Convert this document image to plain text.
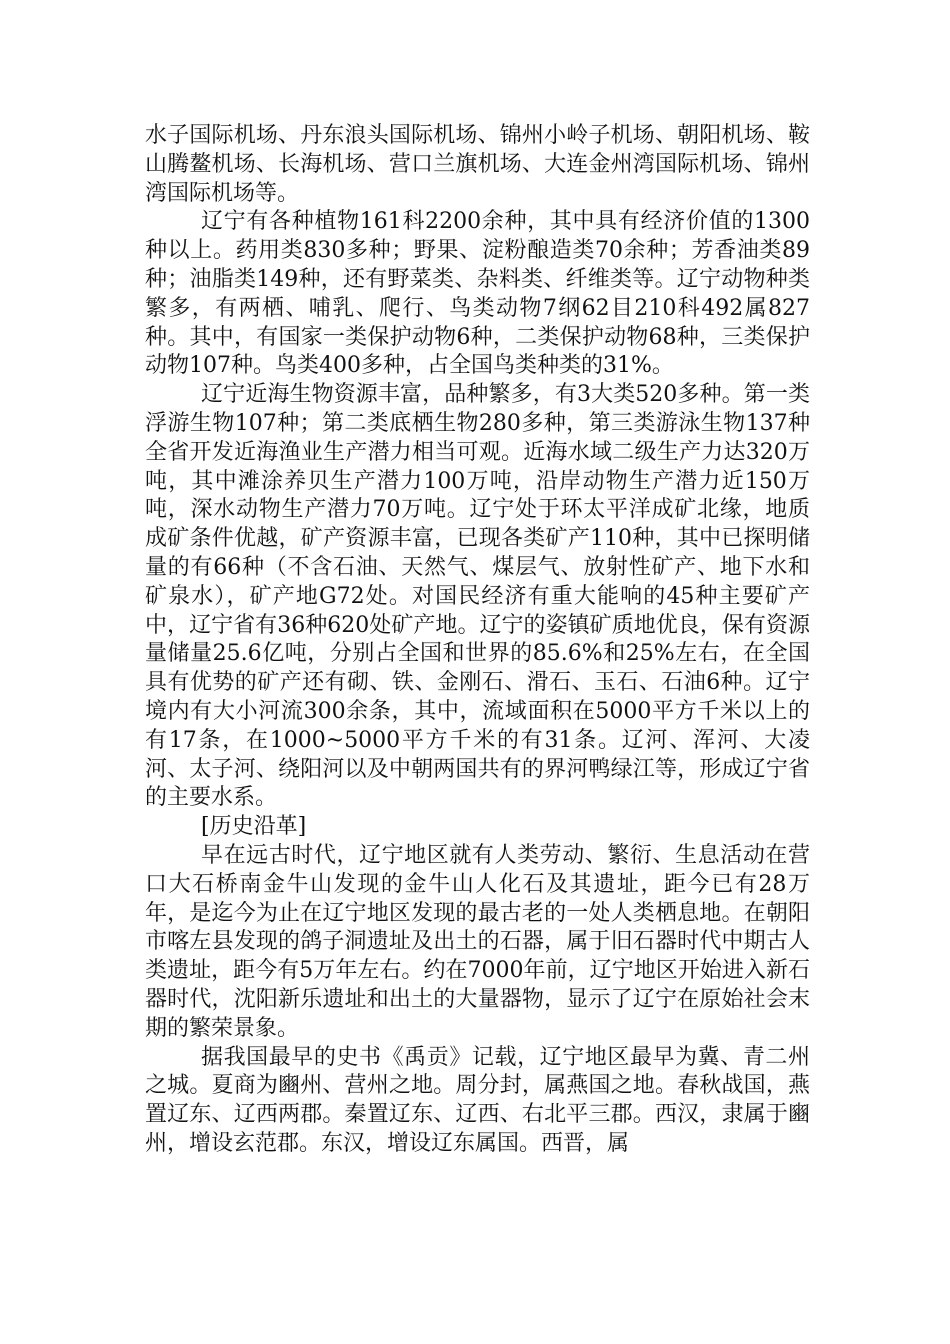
水子国际机场、丹东浪头国际机场、锦州小岭子机场、朝阳机场、鞍山腾鳌机场、长海机场、营口兰旗机场、大连金州湾国际机场、锦州湾国际机场等。

辽宁有各种植物161科2200余种，其中具有经济价值的1300种以上。药用类830多种；野果、淀粉酿造类70余种；芳香油类89种；油脂类149种，还有野菜类、杂料类、纤维类等。辽宁动物种类繁多，有两栖、哺乳、爬行、鸟类动物7纲62目210科492属827种。其中，有国家一类保护动物6种，二类保护动物68种，三类保护动物107种。鸟类400多种，占全国鸟类种类的31%。

辽宁近海生物资源丰富，品种繁多，有3大类520多种。第一类浮游生物107种；第二类底栖生物280多种，第三类游泳生物137种全省开发近海渔业生产潜力相当可观。近海水域二级生产力达320万吨，其中滩涂养贝生产潜力100万吨，沿岸动物生产潜力近150万吨，深水动物生产潜力70万吨。辽宁处于环太平洋成矿北缘，地质成矿条件优越，矿产资源丰富，已现各类矿产110种，其中已探明储量的有66种（不含石油、天然气、煤层气、放射性矿产、地下水和矿泉水），矿产地G72处。对国民经济有重大能响的45种主要矿产中，辽宁省有36种620处矿产地。辽宁的姿镇矿质地优良，保有资源量储量25.6亿吨，分别占全国和世界的85.6%和25%左右，在全国具有优势的矿产还有砌、铁、金刚石、滑石、玉石、石油6种。辽宁境内有大小河流300余条，其中，流域面积在5000平方千米以上的有17条，在1000~5000平方千米的有31条。辽河、浑河、大凌河、太子河、绕阳河以及中朝两国共有的界河鸭绿江等，形成辽宁省的主要水系。

[历史沿革]

早在远古时代，辽宁地区就有人类劳动、繁衍、生息活动在营口大石桥南金牛山发现的金牛山人化石及其遗址，距今已有28万年，是迄今为止在辽宁地区发现的最古老的一处人类栖息地。在朝阳市喀左县发现的鸽子洞遗址及出土的石器，属于旧石器时代中期古人类遗址，距今有5万年左右。约在7000年前，辽宁地区开始进入新石器时代，沈阳新乐遗址和出土的大量器物，显示了辽宁在原始社会末期的繁荣景象。

据我国最早的史书《禹贡》记载，辽宁地区最早为冀、青二州之城。夏商为豳州、营州之地。周分封，属燕国之地。春秋战国，燕置辽东、辽西两郡。秦置辽东、辽西、右北平三郡。西汉，隶属于豳州，增设玄范郡。东汉，增设辽东属国。西晋，属
